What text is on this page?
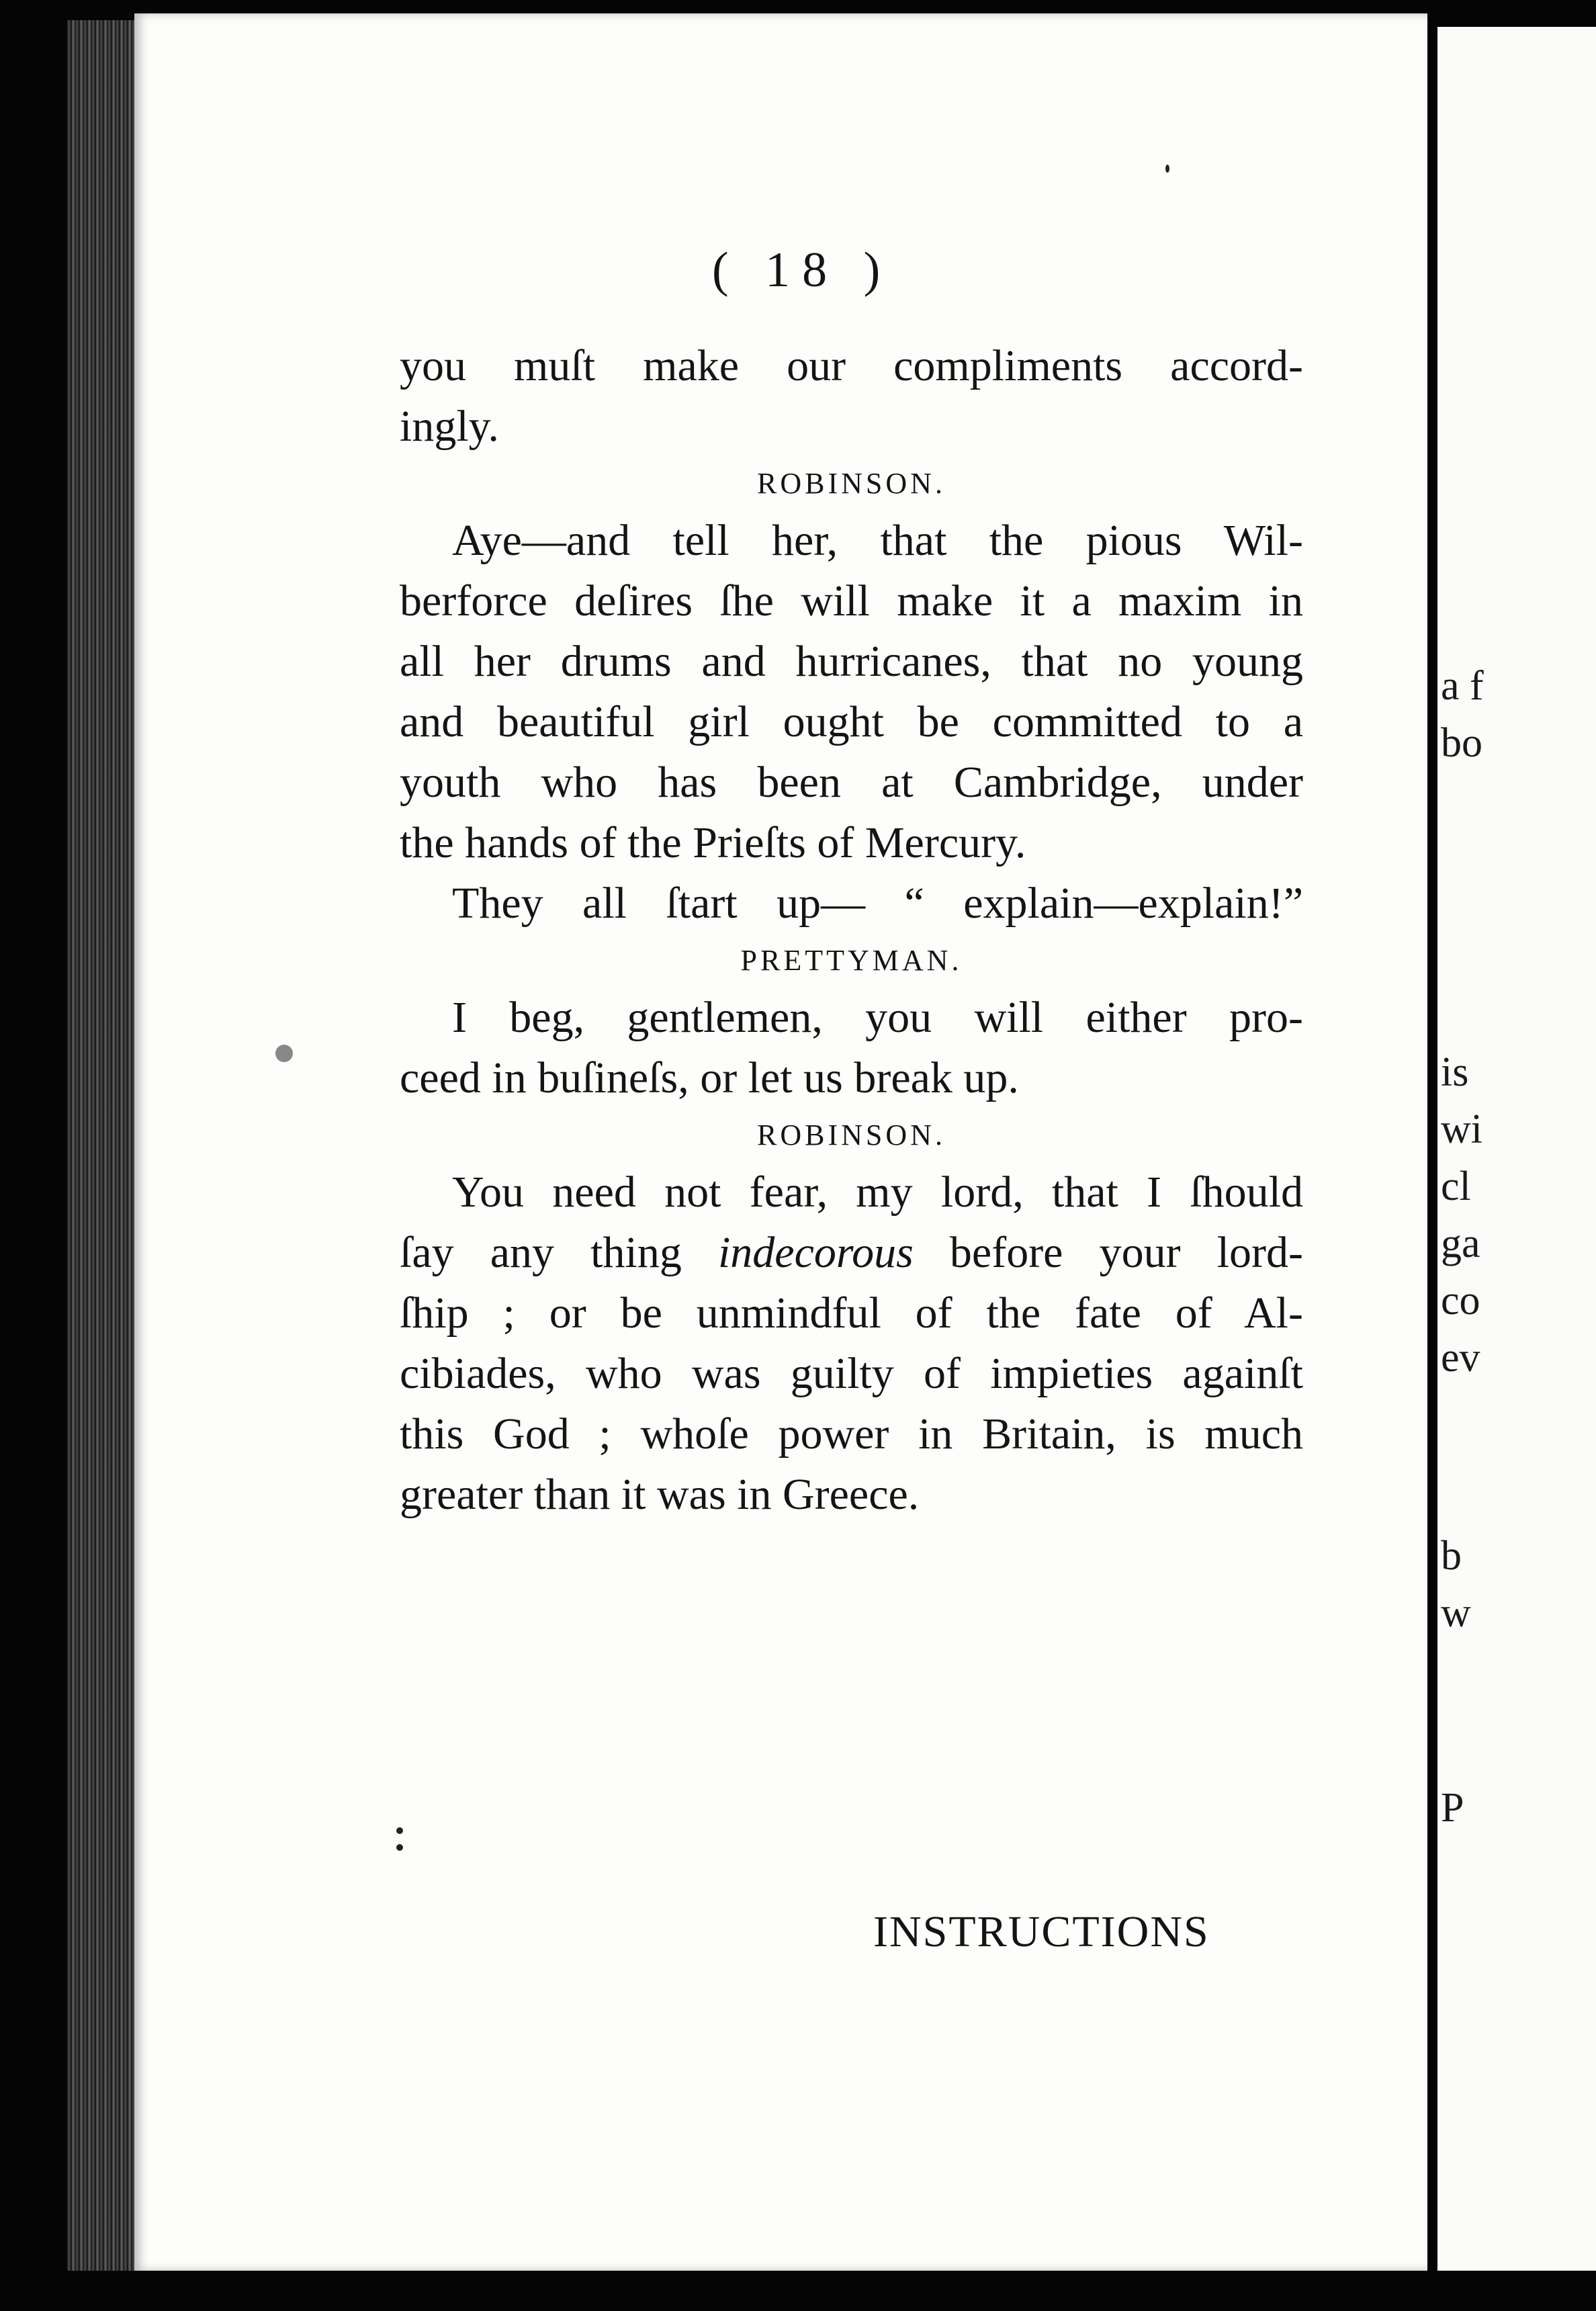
a f
bo
is
wi
cl
ga
co
ev
b
w
P
( 18 )
you muſt make our compliments accord-
ingly.
ROBINSON.
Aye—and tell her, that the pious Wil-
berforce deſires ſhe will make it a maxim in
all her drums and hurricanes, that no young
and beautiful girl ought be committed to a
youth who has been at Cambridge, under
the hands of the Prieſts of Mercury.
They all ſtart up— “ explain—explain!”
PRETTYMAN.
I beg, gentlemen, you will either pro-
ceed in buſineſs, or let us break up.
ROBINSON.
You need not fear, my lord, that I ſhould
ſay any thing indecorous before your lord-
ſhip ; or be unmindful of the fate of Al-
cibiades, who was guilty of impieties againſt
this God ; whoſe power in Britain, is much
greater than it was in Greece.
INSTRUCTIONS
